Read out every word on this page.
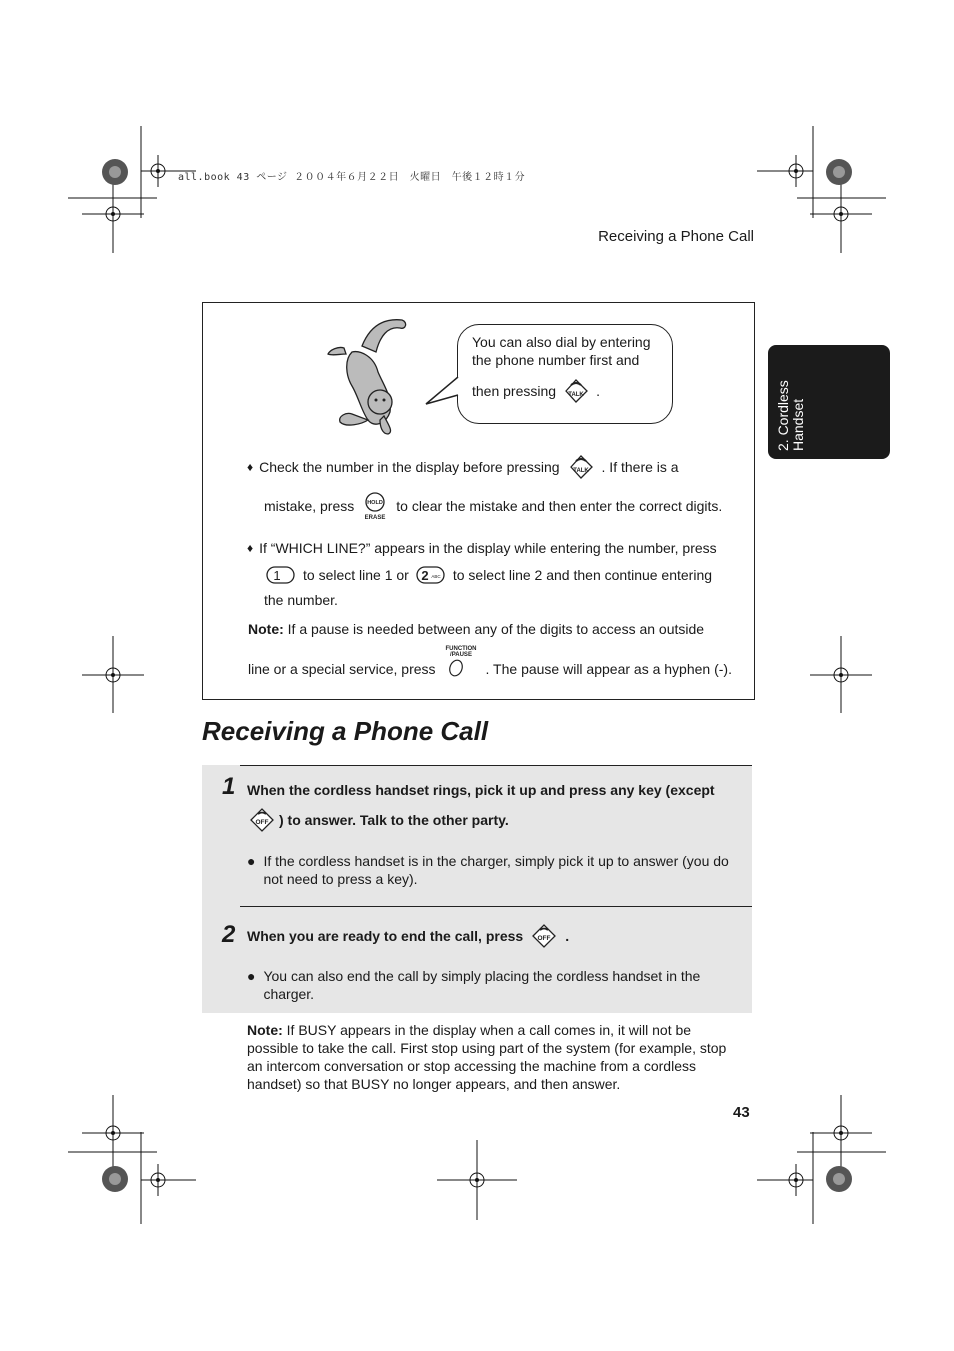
all.book 43 ページ ２００４年６月２２日　火曜日　午後１２時１分
Receiving a Phone Call
2. Cordless Handset
You can also dial by entering
the phone number first and
then pressing TALK .
♦ Check the number in the display before pressing TALK . If there is a
mistake, press HOLD
ERASE
to clear the mistake and then enter the correct digits.
♦ If “WHICH LINE?” appears in the display while entering the number, press
1 to select line 1 or 2 ABC to select line 2 and then continue entering
the number.
Note: If a pause is needed between any of the digits to access an outside
line or a special service, press
FUNCTION
/PAUSE
. The pause will appear as a hyphen (-).
Receiving a Phone Call
1 When the cordless handset rings, pick it up and press any key (except
OFF ) to answer. Talk to the other party.
● If the cordless handset is in the charger, simply pick it up to answer (you do
not need to press a key).
2 When you are ready to end the call, press OFF .
● You can also end the call by simply placing the cordless handset in the
charger.
Note: If BUSY appears in the display when a call comes in, it will not be
possible to take the call. First stop using part of the system (for example, stop
an intercom conversation or stop accessing the machine from a cordless
handset) so that BUSY no longer appears, and then answer.
43
